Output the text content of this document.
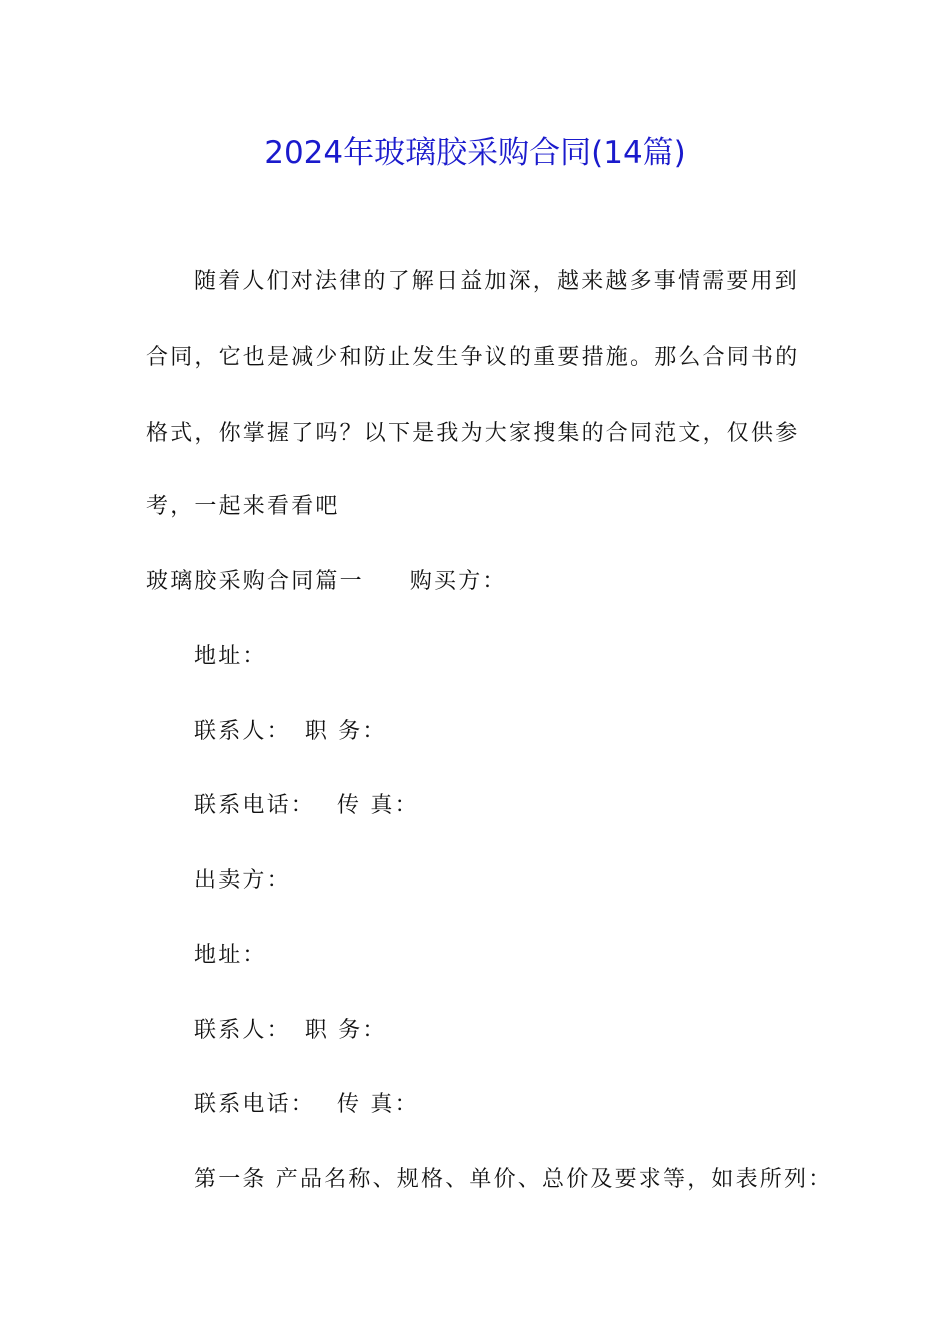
2024年玻璃胶采购合同(14篇)
随着人们对法律的了解日益加深，越来越多事情需要用到
合同，它也是减少和防止发生争议的重要措施。那么合同书的
格式，你掌握了吗？以下是我为大家搜集的合同范文，仅供参
考，一起来看看吧
玻璃胶采购合同篇一 购买方：
地址：
联系人： 职 务：
联系电话： 传 真：
出卖方：
地址：
联系人： 职 务：
联系电话： 传 真：
第一条 产品名称、规格、单价、总价及要求等，如表所列：
